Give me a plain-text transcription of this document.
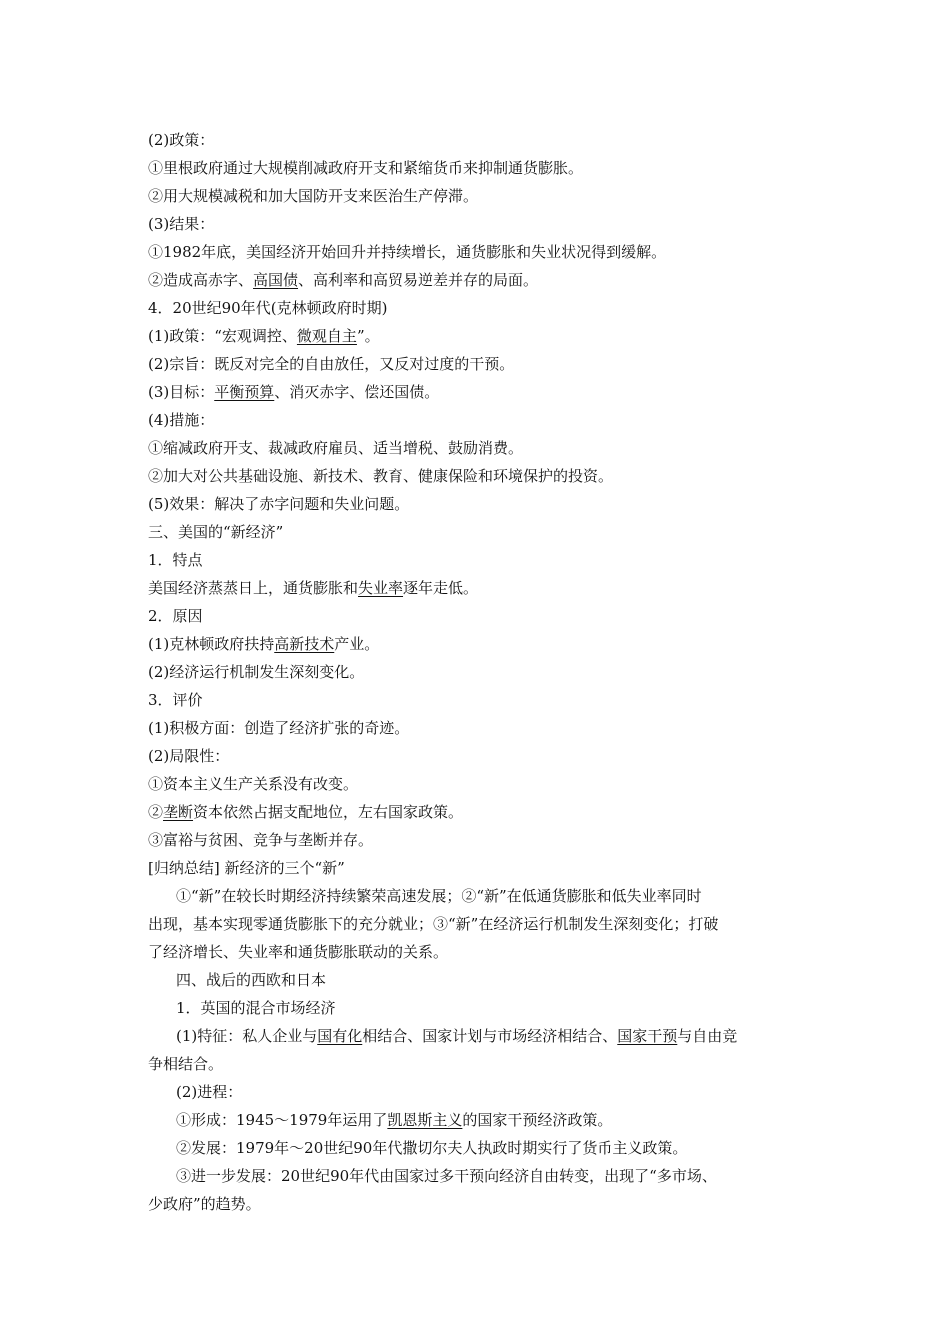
(2)政策：
①里根政府通过大规模削减政府开支和紧缩货币来抑制通货膨胀。
②用大规模减税和加大国防开支来医治生产停滞。
(3)结果：
①1982年底，美国经济开始回升并持续增长，通货膨胀和失业状况得到缓解。
②造成高赤字、高国债、高利率和高贸易逆差并存的局面。
4．20世纪90年代(克林顿政府时期)
(1)政策：“宏观调控、微观自主”。
(2)宗旨：既反对完全的自由放任，又反对过度的干预。
(3)目标：平衡预算、消灭赤字、偿还国债。
(4)措施：
①缩减政府开支、裁减政府雇员、适当增税、鼓励消费。
②加大对公共基础设施、新技术、教育、健康保险和环境保护的投资。
(5)效果：解决了赤字问题和失业问题。
三、美国的“新经济”
1．特点
美国经济蒸蒸日上，通货膨胀和失业率逐年走低。
2．原因
(1)克林顿政府扶持高新技术产业。
(2)经济运行机制发生深刻变化。
3．评价
(1)积极方面：创造了经济扩张的奇迹。
(2)局限性：
①资本主义生产关系没有改变。
②垄断资本依然占据支配地位，左右国家政策。
③富裕与贫困、竞争与垄断并存。
[归纳总结] 新经济的三个“新”
①“新”在较长时期经济持续繁荣高速发展；②“新”在低通货膨胀和低失业率同时
出现，基本实现零通货膨胀下的充分就业；③“新”在经济运行机制发生深刻变化；打破
了经济增长、失业率和通货膨胀联动的关系。
四、战后的西欧和日本
1．英国的混合市场经济
(1)特征：私人企业与国有化相结合、国家计划与市场经济相结合、国家干预与自由竞
争相结合。
(2)进程：
①形成：1945～1979年运用了凯恩斯主义的国家干预经济政策。
②发展：1979年～20世纪90年代撒切尔夫人执政时期实行了货币主义政策。
③进一步发展：20世纪90年代由国家过多干预向经济自由转变，出现了“多市场、
少政府”的趋势。
